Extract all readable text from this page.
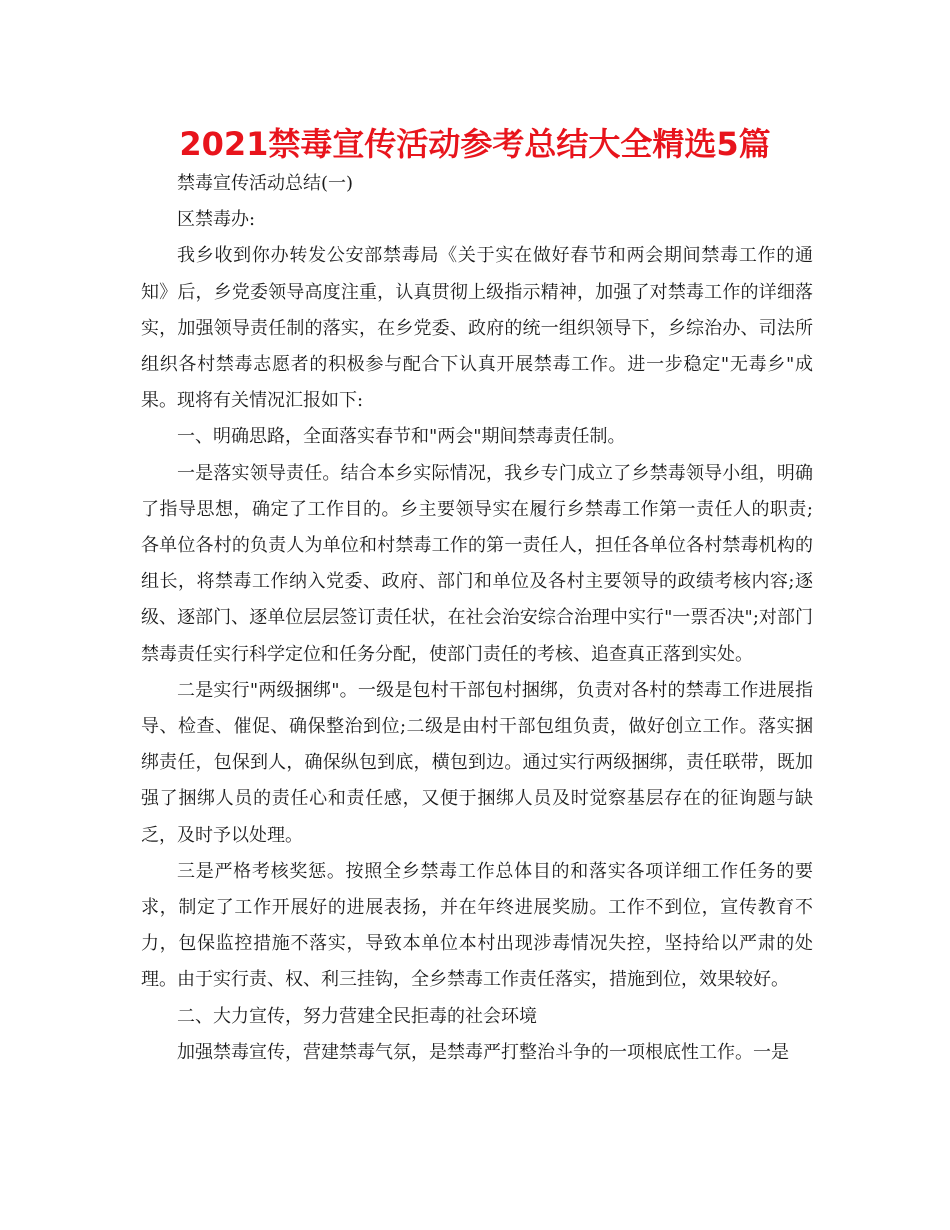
2021禁毒宣传活动参考总结大全精选5篇

禁毒宣传活动总结(一)

区禁毒办:

我乡收到你办转发公安部禁毒局《关于实在做好春节和两会期间禁毒工作的通知》后，乡党委领导高度注重，认真贯彻上级指示精神，加强了对禁毒工作的详细落实，加强领导责任制的落实，在乡党委、政府的统一组织领导下，乡综治办、司法所组织各村禁毒志愿者的积极参与配合下认真开展禁毒工作。进一步稳定"无毒乡"成果。现将有关情况汇报如下:

一、明确思路，全面落实春节和"两会"期间禁毒责任制。

一是落实领导责任。结合本乡实际情况，我乡专门成立了乡禁毒领导小组，明确了指导思想，确定了工作目的。乡主要领导实在履行乡禁毒工作第一责任人的职责;各单位各村的负责人为单位和村禁毒工作的第一责任人，担任各单位各村禁毒机构的组长，将禁毒工作纳入党委、政府、部门和单位及各村主要领导的政绩考核内容;逐级、逐部门、逐单位层层签订责任状，在社会治安综合治理中实行"一票否决";对部门禁毒责任实行科学定位和任务分配，使部门责任的考核、追查真正落到实处。

二是实行"两级捆绑"。一级是包村干部包村捆绑，负责对各村的禁毒工作进展指导、检查、催促、确保整治到位;二级是由村干部包组负责，做好创立工作。落实捆绑责任，包保到人，确保纵包到底，横包到边。通过实行两级捆绑，责任联带，既加强了捆绑人员的责任心和责任感，又便于捆绑人员及时觉察基层存在的征询题与缺乏，及时予以处理。

三是严格考核奖惩。按照全乡禁毒工作总体目的和落实各项详细工作任务的要求，制定了工作开展好的进展表扬，并在年终进展奖励。工作不到位，宣传教育不力，包保监控措施不落实，导致本单位本村出现涉毒情况失控，坚持给以严肃的处理。由于实行责、权、利三挂钩，全乡禁毒工作责任落实，措施到位，效果较好。

二、大力宣传，努力营建全民拒毒的社会环境

加强禁毒宣传，营建禁毒气氛，是禁毒严打整治斗争的一项根底性工作。一是
